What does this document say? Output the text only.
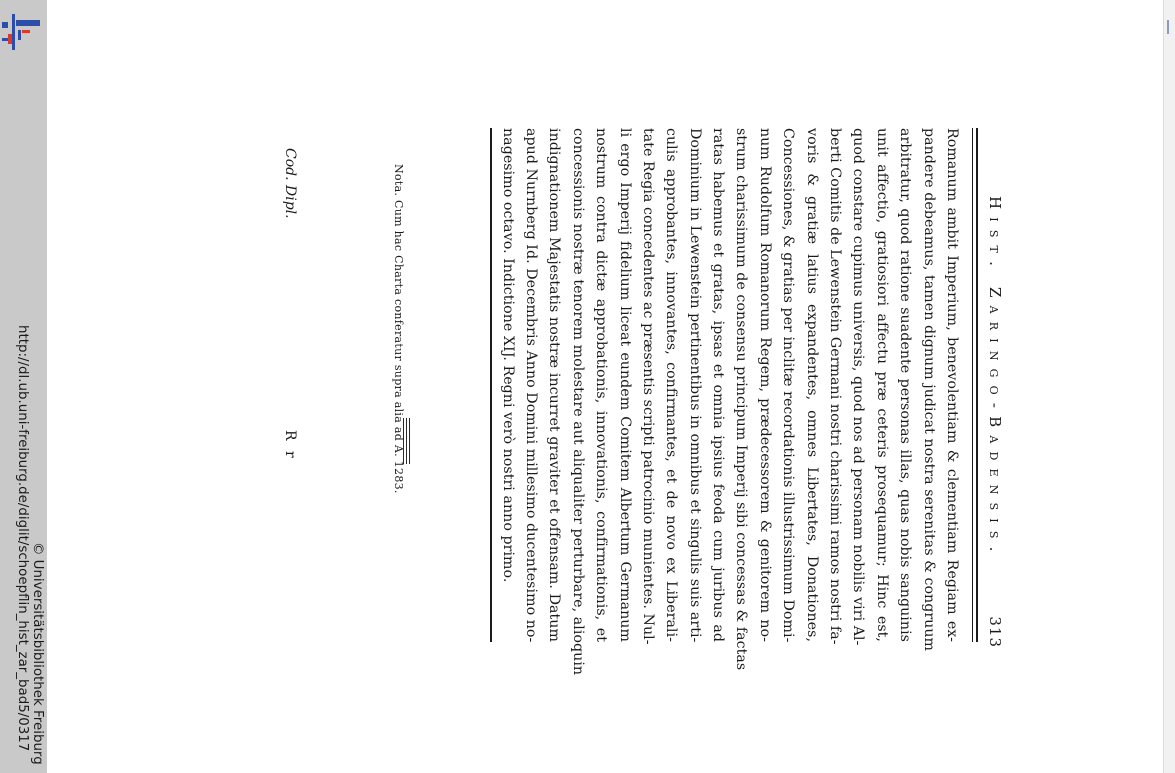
http://dl.ub.uni-freiburg.de/diglit/schoepflin_hist_zar_bad5/0317 © Universitätsbibliothek Freiburg
Hist. Zaringo-Badensis.
313
Romanum ambit Imperium, benevolentiam & clementiam Regiam ex-
pandere debeamus, tamen dignum judicat nostra serenitas & congruum
arbitratur, quod ratione suadente personas illas, quas nobis sanguinis
unit affectio, gratiosiori affectu præ ceteris prosequamur; Hinc est,
quod constare cupimus universis, quod nos ad personam nobilis viri Al-
berti Comitis de Lewenstein Germani nostri charissimi ramos nostri fa-
voris & gratiæ latius expandentes, omnes Libertates, Donationes,
Concessiones, & gratias per inclitæ recordationis illustrissimum Domi-
num Rudolfum Romanorum Regem, prædecessorem & genitorem no-
strum charissimum de consensu principum Imperij sibi concessas & factas
ratas habemus et gratas, ipsas et omnia ipsius feoda cum juribus ad
Dominium in Lewenstein pertinentibus in omnibus et singulis suis arti-
culis approbantes, innovantes, confirmantes, et de novo ex Liberali-
tate Regia concedentes ac præsentis scripti patrocinio munientes. Nul-
li ergo Imperij fidelium liceat eundem Comitem Albertum Germanum
nostrum contra dictæ approbationis, innovationis, confirmationis, et
concessionis nostræ tenorem molestare aut aliqualiter perturbare, alioquin
indignationem Majestatis nostræ incurret graviter et offensam. Datum
apud Nurnberg Id. Decembris Anno Domini millesimo ducentesimo no-
nagesimo octavo. Indictione XIJ. Regni verò nostri anno primo.
Nota. Cum hac Charta conferatur supra alia ad A. 1283.
Cod. Dipl.
R r
